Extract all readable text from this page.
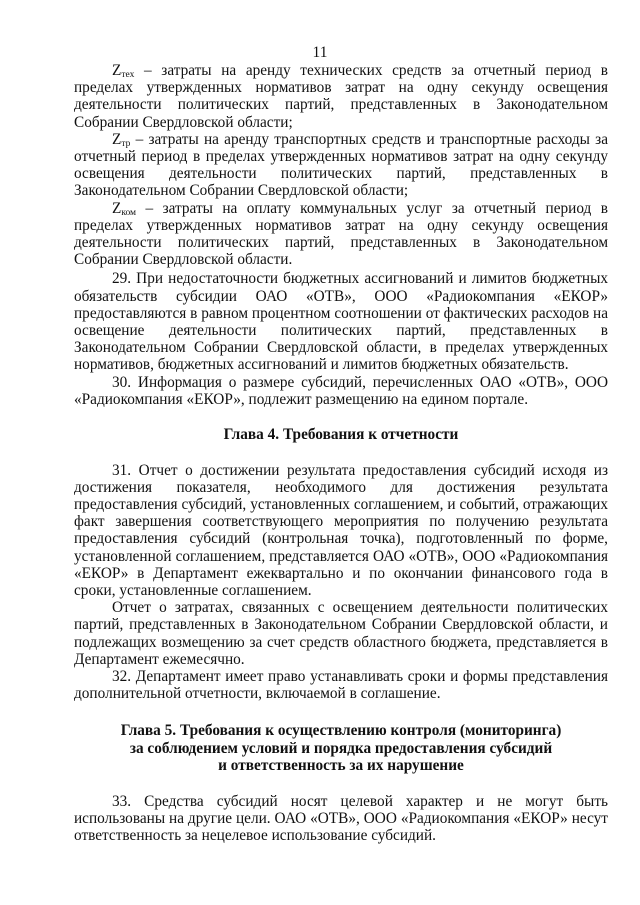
11

$Z_{тех}$ – затраты на аренду технических средств за отчетный период в пределах утвержденных нормативов затрат на одну секунду освещения деятельности политических партий, представленных в Законодательном Собрании Свердловской области;

$Z_{тр}$ – затраты на аренду транспортных средств и транспортные расходы за отчетный период в пределах утвержденных нормативов затрат на одну секунду освещения деятельности политических партий, представленных в Законодательном Собрании Свердловской области;

$Z_{ком}$ – затраты на оплату коммунальных услуг за отчетный период в пределах утвержденных нормативов затрат на одну секунду освещения деятельности политических партий, представленных в Законодательном Собрании Свердловской области.

29. При недостаточности бюджетных ассигнований и лимитов бюджетных обязательств субсидии ОАО «ОТВ», ООО «Радиокомпания «ЕКОР» предоставляются в равном процентном соотношении от фактических расходов на освещение деятельности политических партий, представленных в Законодательном Собрании Свердловской области, в пределах утвержденных нормативов, бюджетных ассигнований и лимитов бюджетных обязательств.

30. Информация о размере субсидий, перечисленных ОАО «ОТВ», ООО «Радиокомпания «ЕКОР», подлежит размещению на едином портале.

Глава 4. Требования к отчетности

31. Отчет о достижении результата предоставления субсидий исходя из достижения показателя, необходимого для достижения результата предоставления субсидий, установленных соглашением, и событий, отражающих факт завершения соответствующего мероприятия по получению результата предоставления субсидий (контрольная точка), подготовленный по форме, установленной соглашением, представляется ОАО «ОТВ», ООО «Радиокомпания «ЕКОР» в Департамент ежеквартально и по окончании финансового года в сроки, установленные соглашением.

Отчет о затратах, связанных с освещением деятельности политических партий, представленных в Законодательном Собрании Свердловской области, и подлежащих возмещению за счет средств областного бюджета, представляется в Департамент ежемесячно.

32. Департамент имеет право устанавливать сроки и формы представления дополнительной отчетности, включаемой в соглашение.

Глава 5. Требования к осуществлению контроля (мониторинга)
за соблюдением условий и порядка предоставления субсидий
и ответственность за их нарушение

33. Средства субсидий носят целевой характер и не могут быть использованы на другие цели. ОАО «ОТВ», ООО «Радиокомпания «ЕКОР» несут ответственность за нецелевое использование субсидий.
